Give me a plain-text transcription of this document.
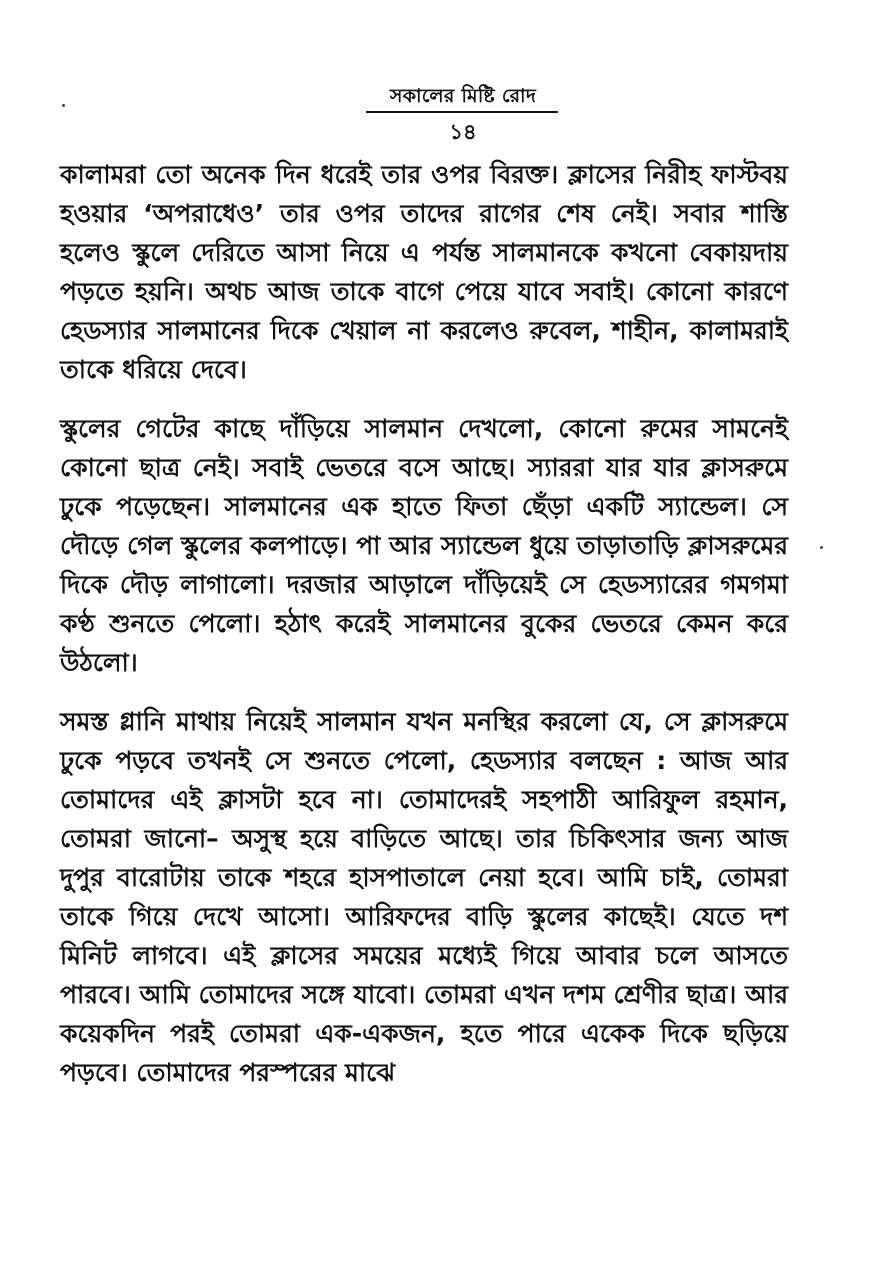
সকালের মিষ্টি রোদ
১৪

কালামরা তো অনেক দিন ধরেই তার ওপর বিরক্ত। ক্লাসের নিরীহ ফাস্টবয় হওয়ার ‘অপরাধেও’ তার ওপর তাদের রাগের শেষ নেই। সবার শাস্তি হলেও স্কুলে দেরিতে আসা নিয়ে এ পর্যন্ত সালমানকে কখনো বেকায়দায় পড়তে হয়নি। অথচ আজ তাকে বাগে পেয়ে যাবে সবাই। কোনো কারণে হেডস্যার সালমানের দিকে খেয়াল না করলেও রুবেল, শাহীন, কালামরাই তাকে ধরিয়ে দেবে।

স্কুলের গেটের কাছে দাঁড়িয়ে সালমান দেখলো, কোনো রুমের সামনেই কোনো ছাত্র নেই। সবাই ভেতরে বসে আছে। স্যাররা যার যার ক্লাসরুমে ঢুকে পড়েছেন। সালমানের এক হাতে ফিতা ছেঁড়া একটি স্যান্ডেল। সে দৌড়ে গেল স্কুলের কলপাড়ে। পা আর স্যান্ডেল ধুয়ে তাড়াতাড়ি ক্লাসরুমের দিকে দৌড় লাগালো। দরজার আড়ালে দাঁড়িয়েই সে হেডস্যারের গমগমা কণ্ঠ শুনতে পেলো। হঠাৎ করেই সালমানের বুকের ভেতরে কেমন করে উঠলো।

সমস্ত গ্লানি মাথায় নিয়েই সালমান যখন মনস্থির করলো যে, সে ক্লাসরুমে ঢুকে পড়বে তখনই সে শুনতে পেলো, হেডস্যার বলছেন : আজ আর তোমাদের এই ক্লাসটা হবে না। তোমাদেরই সহপাঠী আরিফুল রহমান, তোমরা জানো– অসুস্থ হয়ে বাড়িতে আছে। তার চিকিৎসার জন্য আজ দুপুর বারোটায় তাকে শহরে হাসপাতালে নেয়া হবে। আমি চাই, তোমরা তাকে গিয়ে দেখে আসো। আরিফদের বাড়ি স্কুলের কাছেই। যেতে দশ মিনিট লাগবে। এই ক্লাসের সময়ের মধ্যেই গিয়ে আবার চলে আসতে পারবে। আমি তোমাদের সঙ্গে যাবো। তোমরা এখন দশম শ্রেণীর ছাত্র। আর কয়েকদিন পরই তোমরা এক-একজন, হতে পারে একেক দিকে ছড়িয়ে পড়বে। তোমাদের পরস্পরের মাঝে
